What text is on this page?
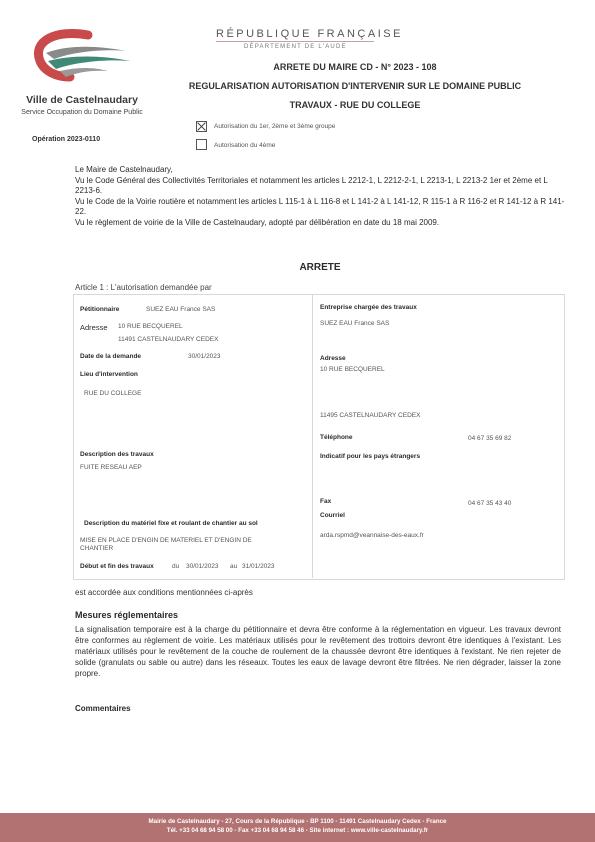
Ville de Castelnaudary
Service Occupation du Domaine Public
Opération 2023-0110
RÉPUBLIQUE FRANÇAISE
DÉPARTEMENT DE L'AUDE
ARRETE DU MAIRE CD - N° 2023 - 108
REGULARISATION AUTORISATION D'INTERVENIR SUR LE DOMAINE PUBLIC
TRAVAUX - RUE DU COLLEGE
Autorisation du 1er, 2ème et 3ème groupe
Autorisation du 4ème

Le Maire de Castelnaudary,

Vu le Code Général des Collectivités Territoriales et notamment les articles L 2212-1, L 2212-2-1, L 2213-1, L 2213-2 1er et 2ème et L 2213-6.

Vu le Code de la Voirie routière et notamment les articles L 115-1 à L 116-8 et L 141-2 à L 141-12, R 115-1 à R 116-2 et R 141-12 à R 141-22.

Vu le règlement de voirie de la Ville de Castelnaudary, adopté par délibération en date du 18 mai 2009.

ARRETE
Article 1 : L'autorisation demandée par
Pétitionnaire	SUEZ EAU France SAS
Adresse 10 RUE BECQUEREL
11491 CASTELNAUDARY CEDEX
Date de la demande	30/01/2023
Lieu d'intervention
RUE DU COLLEGE
Description des travaux
FUITE RESEAU AEP
Description du matériel fixe et roulant de chantier au sol
MISE EN PLACE D'ENGIN DE MATERIEL ET D'ENGIN DE CHANTIER
Début et fin des travaux	du 30/01/2023 au 31/01/2023
Entreprise chargée des travaux
SUEZ EAU France SAS
Adresse
10 RUE BECQUEREL
11495 CASTELNAUDARY CEDEX
Téléphone	04 67 35 69 82
Indicatif pour les pays étrangers
Fax	04 67 35 43 40
Courriel
arda.rspmd@veannaise-des-eaux.fr
est accordée aux conditions mentionnées ci-après
Mesures réglementaires
La signalisation temporaire est à la charge du pétitionnaire et devra être conforme à la réglementation en vigueur. Les travaux devront être conformes au règlement de voirie. Les matériaux utilisés pour le revêtement des trottoirs devront être identiques à l'existant. Les matériaux utilisés pour le revêtement de la couche de roulement de la chaussée devront être identiques à l'existant. Ne rien rejeter de solide (granulats ou sable ou autre) dans les réseaux. Toutes les eaux de lavage devront être filtrées. Ne rien dégrader, laisser la zone propre.
Commentaires
Mairie de Castelnaudary - 27, Cours de la République - BP 1100 - 11491 Castelnaudary Cedex - France
Tél. +33 04 68 94 58 00 - Fax +33 04 68 94 58 46 - Site internet : www.ville-castelnaudary.fr
